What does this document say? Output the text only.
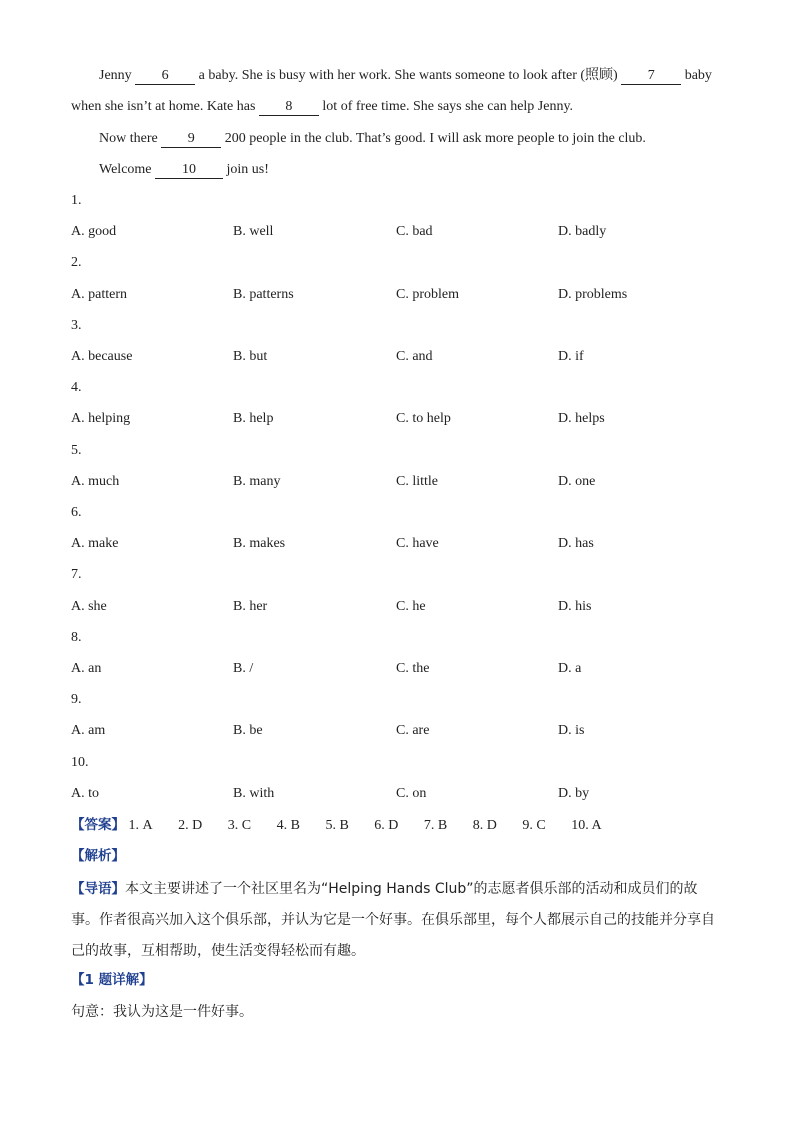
Jenny 6 a baby. She is busy with her work. She wants someone to look after (照顾) 7 baby
when she isn’t at home. Kate has 8 lot of free time. She says she can help Jenny.
Now there 9 200 people in the club. That’s good. I will ask more people to join the club.
Welcome 10 join us!
1.
A. good	B. well	C. bad	D. badly
2.
A. pattern	B. patterns	C. problem	D. problems
3.
A. because	B. but	C. and	D. if
4.
A. helping	B. help	C. to help	D. helps
5.
A. much	B. many	C. little	D. one
6.
A. make	B. makes	C. have	D. has
7.
A. she	B. her	C. he	D. his
8.
A. an	B. /	C. the	D. a
9.
A. am	B. be	C. are	D. is
10.
A. to	B. with	C. on	D. by
【答案】 1. A 2. D 3. C 4. B 5. B 6. D 7. B 8. D 9. C 10. A
【解析】
【导语】本文主要讲述了一个社区里名为“Helping Hands Club”的志愿者俱乐部的活动和成员们的故事。作者很高兴加入这个俱乐部，并认为它是一个好事。在俱乐部里，每个人都展示自己的技能并分享自己的故事，互相帮助，使生活变得轻松而有趣。
【1 题详解】
句意：我认为这是一件好事。
